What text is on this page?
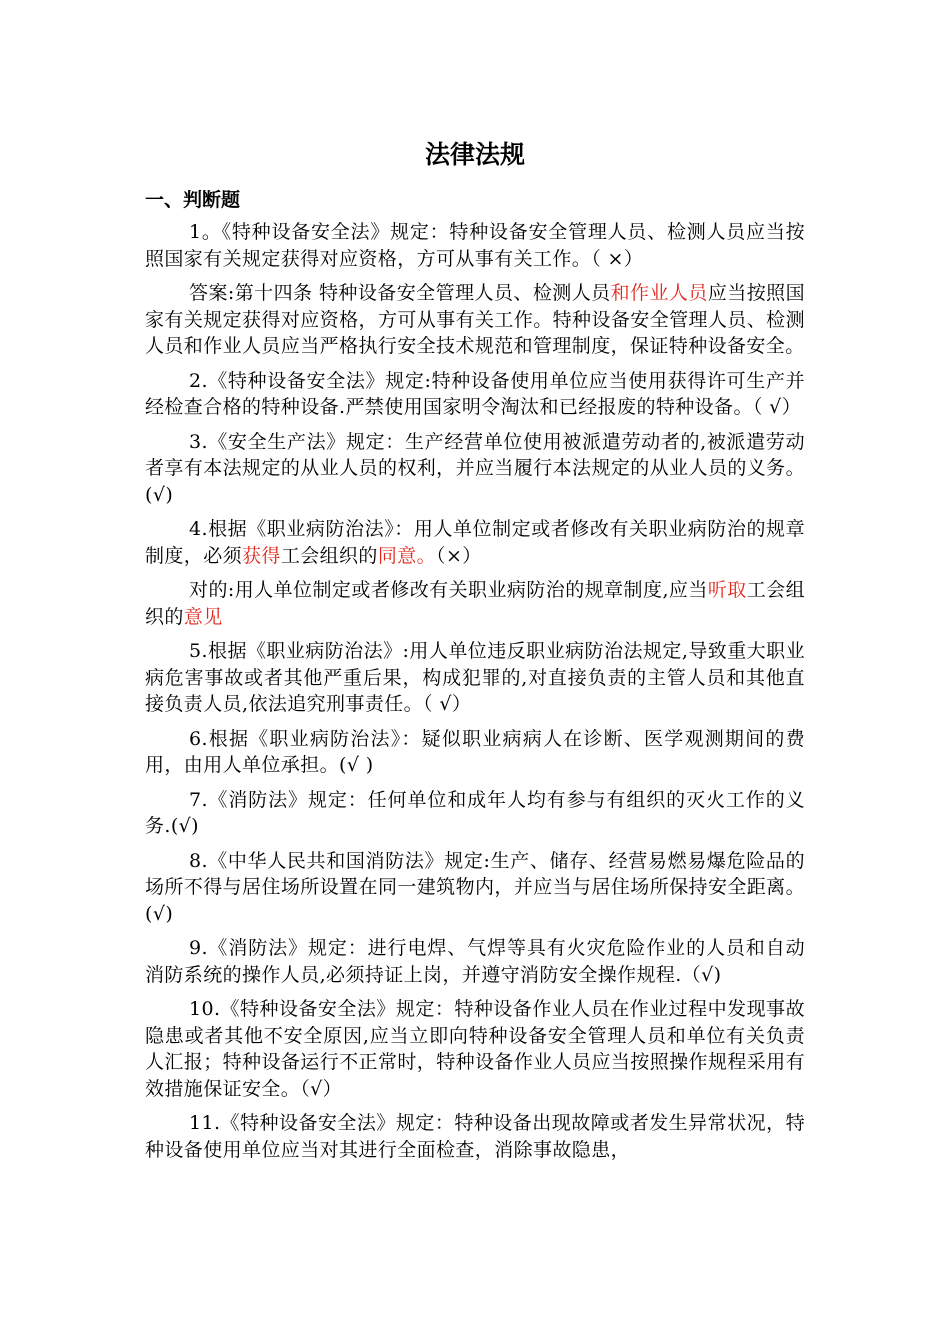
法律法规
一、判断题

1。《特种设备安全法》规定：特种设备安全管理人员、检测人员应当按照国家有关规定获得对应资格，方可从事有关工作。（ ×）

答案:第十四条 特种设备安全管理人员、检测人员和作业人员应当按照国家有关规定获得对应资格，方可从事有关工作。特种设备安全管理人员、检测人员和作业人员应当严格执行安全技术规范和管理制度，保证特种设备安全。

2.《特种设备安全法》规定:特种设备使用单位应当使用获得许可生产并经检查合格的特种设备.严禁使用国家明令淘汰和已经报废的特种设备。（ √）

3.《安全生产法》规定：生产经营单位使用被派遣劳动者的,被派遣劳动者享有本法规定的从业人员的权利，并应当履行本法规定的从业人员的义务。(√)

4.根据《职业病防治法》：用人单位制定或者修改有关职业病防治的规章制度，必须获得工会组织的同意。（×）

对的:用人单位制定或者修改有关职业病防治的规章制度,应当听取工会组织的意见

5.根据《职业病防治法》:用人单位违反职业病防治法规定,导致重大职业病危害事故或者其他严重后果，构成犯罪的,对直接负责的主管人员和其他直接负责人员,依法追究刑事责任。（ √）

6.根据《职业病防治法》：疑似职业病病人在诊断、医学观测期间的费用，由用人单位承担。(√ )

7.《消防法》规定：任何单位和成年人均有参与有组织的灭火工作的义务.(√)

8.《中华人民共和国消防法》规定:生产、储存、经营易燃易爆危险品的场所不得与居住场所设置在同一建筑物内，并应当与居住场所保持安全距离。(√)

9.《消防法》规定：进行电焊、气焊等具有火灾危险作业的人员和自动消防系统的操作人员,必须持证上岗，并遵守消防安全操作规程.（√)

10.《特种设备安全法》规定：特种设备作业人员在作业过程中发现事故隐患或者其他不安全原因,应当立即向特种设备安全管理人员和单位有关负责人汇报；特种设备运行不正常时，特种设备作业人员应当按照操作规程采用有效措施保证安全。（√）

11.《特种设备安全法》规定：特种设备出现故障或者发生异常状况，特种设备使用单位应当对其进行全面检查，消除事故隐患，
